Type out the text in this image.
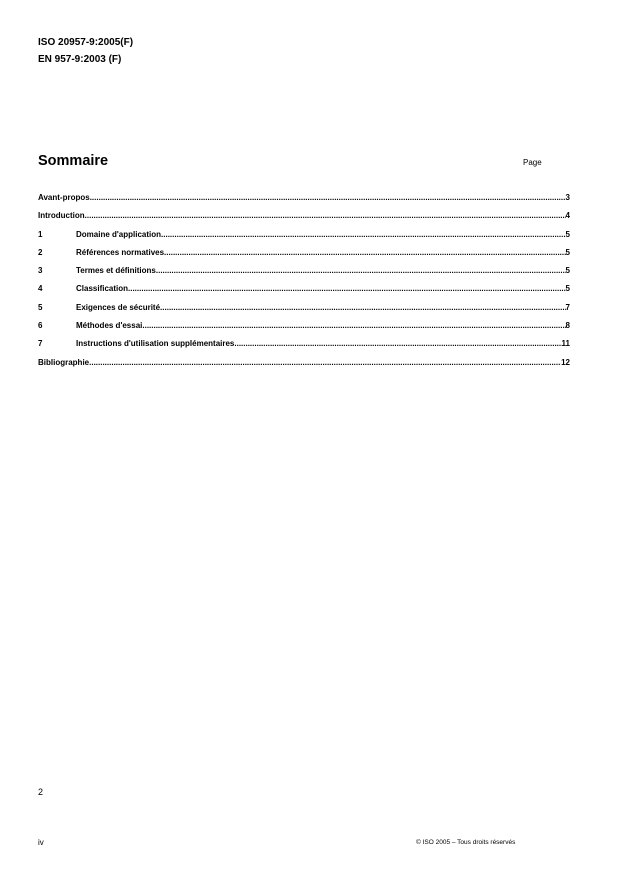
ISO 20957-9:2005(F)
EN 957-9:2003 (F)
Sommaire	Page
Avant-propos .....	3
Introduction .....	4
1	Domaine d'application .....	5
2	Références normatives .....	5
3	Termes et définitions .....	5
4	Classification .....	5
5	Exigences de sécurité .....	7
6	Méthodes d'essai .....	8
7	Instructions d'utilisation supplémentaires .....	11
Bibliographie .....	12
2
iv	© ISO 2005 – Tous droits réservés
